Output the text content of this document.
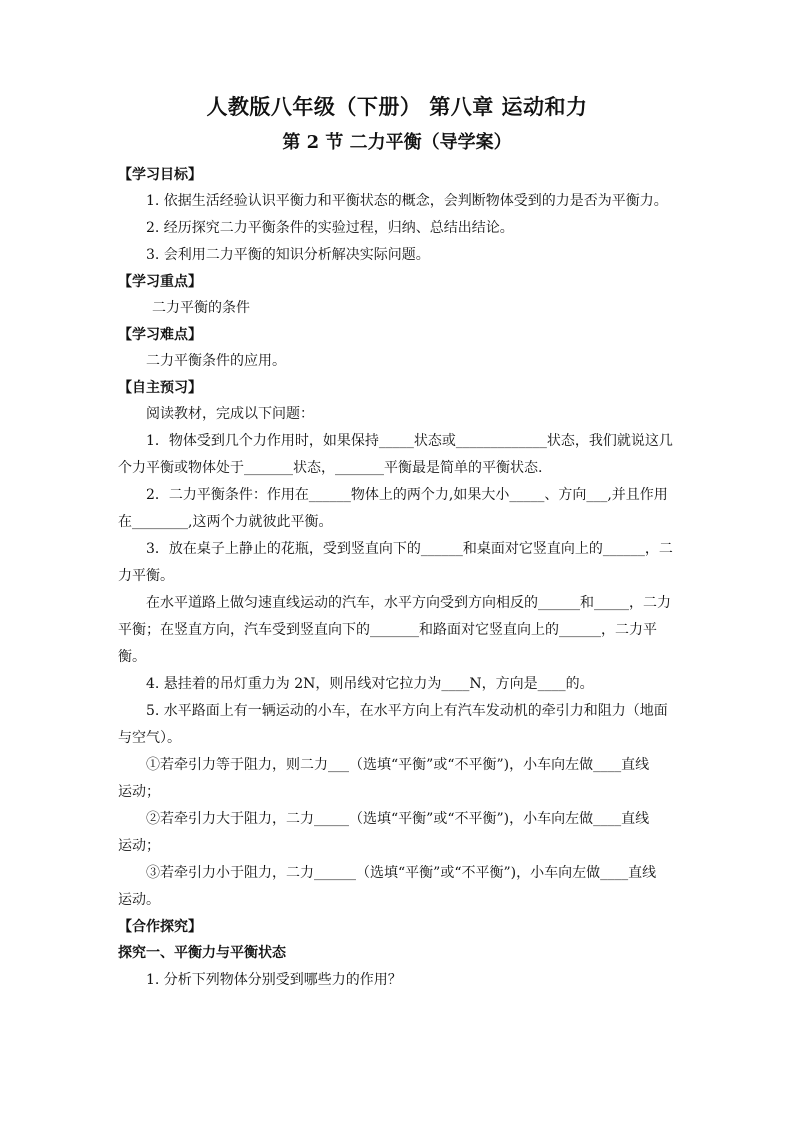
人教版八年级（下册） 第八章 运动和力
第 2 节 二力平衡（导学案）
【学习目标】
1. 依据生活经验认识平衡力和平衡状态的概念，会判断物体受到的力是否为平衡力。
2. 经历探究二力平衡条件的实验过程，归纳、总结出结论。
3. 会利用二力平衡的知识分析解决实际问题。
【学习重点】
二力平衡的条件
【学习难点】
二力平衡条件的应用。
【自主预习】
阅读教材，完成以下问题：
1．物体受到几个力作用时，如果保持_____状态或_____________状态，我们就说这几
个力平衡或物体处于_______状态，_______平衡最是简单的平衡状态.
2．二力平衡条件：作用在______物体上的两个力,如果大小_____、方向___,并且作用
在________,这两个力就彼此平衡。
3．放在桌子上静止的花瓶，受到竖直向下的______和桌面对它竖直向上的______，二
力平衡。
在水平道路上做匀速直线运动的汽车，水平方向受到方向相反的______和_____，二力
平衡；在竖直方向，汽车受到竖直向下的_______和路面对它竖直向上的______，二力平
衡。
4. 悬挂着的吊灯重力为 2N，则吊线对它拉力为____N，方向是____的。
5. 水平路面上有一辆运动的小车，在水平方向上有汽车发动机的牵引力和阻力（地面
与空气）。
①若牵引力等于阻力，则二力___（选填“平衡”或“不平衡”)，小车向左做____直线
运动；
②若牵引力大于阻力，二力_____（选填“平衡”或“不平衡”)，小车向左做____直线
运动；
③若牵引力小于阻力，二力______（选填“平衡”或“不平衡”)，小车向左做____直线
运动。
【合作探究】
探究一、平衡力与平衡状态
1. 分析下列物体分别受到哪些力的作用？
